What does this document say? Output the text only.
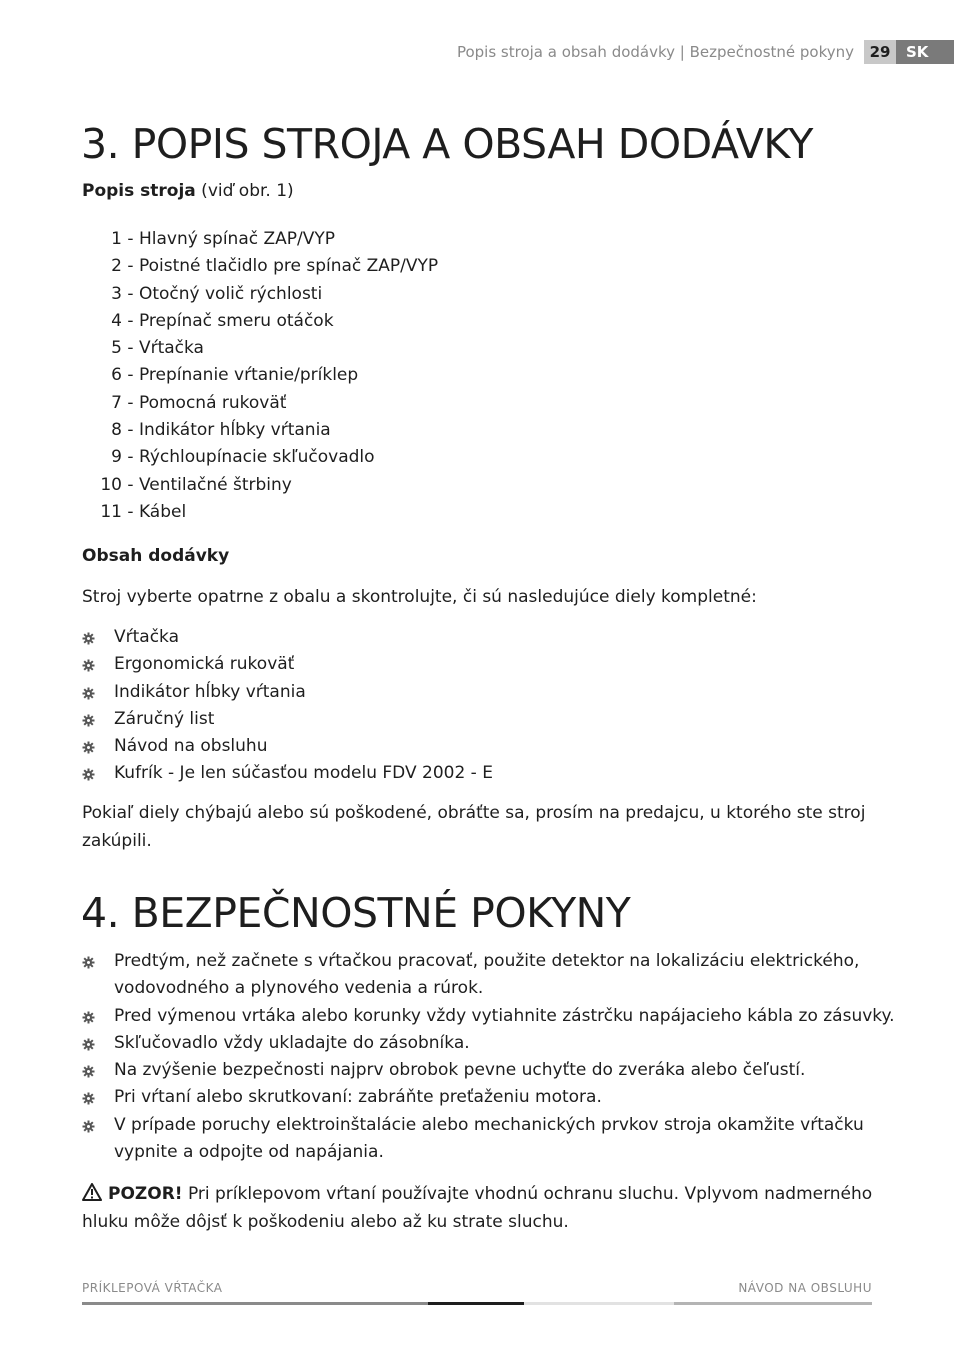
Popis stroja a obsah dodávky | Bezpečnostné pokyny	29	SK
3. POPIS STROJA A OBSAH DODÁVKY

Popis stroja (viď obr. 1)

1 - Hlavný spínač ZAP/VYP
2 - Poistné tlačidlo pre spínač ZAP/VYP
3 - Otočný volič rýchlosti
4 - Prepínač smeru otáčok
5 - Vŕtačka
6 - Prepínanie vŕtanie/príklep
7 - Pomocná rukoväť
8 - Indikátor hĺbky vŕtania
9 - Rýchloupínacie skľučovadlo
10 - Ventilačné štrbiny
11 - Kábel

Obsah dodávky

Stroj vyberte opatrne z obalu a skontrolujte, či sú nasledujúce diely kompletné:

Vŕtačka
Ergonomická rukoväť
Indikátor hĺbky vŕtania
Záručný list
Návod na obsluhu
Kufrík - Je len súčasťou modelu FDV 2002 - E

Pokiaľ diely chýbajú alebo sú poškodené, obráťte sa, prosím na predajcu, u ktorého ste stroj

zakúpili.

4. BEZPEČNOSTNÉ POKYNY
Predtým, než začnete s vŕtačkou pracovať, použite detektor na lokalizáciu elektrického,
vodovodného a plynového vedenia a rúrok.
Pred výmenou vrtáka alebo korunky vždy vytiahnite zástrčku napájacieho kábla zo zásuvky.
Skľučovadlo vždy ukladajte do zásobníka.
Na zvýšenie bezpečnosti najprv obrobok pevne uchyťte do zveráka alebo čeľustí.
Pri vŕtaní alebo skrutkovaní: zabráňte preťaženiu motora.
V prípade poruchy elektroinštalácie alebo mechanických prvkov stroja okamžite vŕtačku
vypnite a odpojte od napájania.
POZOR! Pri príklepovom vŕtaní používajte vhodnú ochranu sluchu. Vplyvom nadmerného
hluku môže dôjsť k poškodeniu alebo až ku strate sluchu.
PRÍKLEPOVÁ VŔTAČKA	NÁVOD NA OBSLUHU
